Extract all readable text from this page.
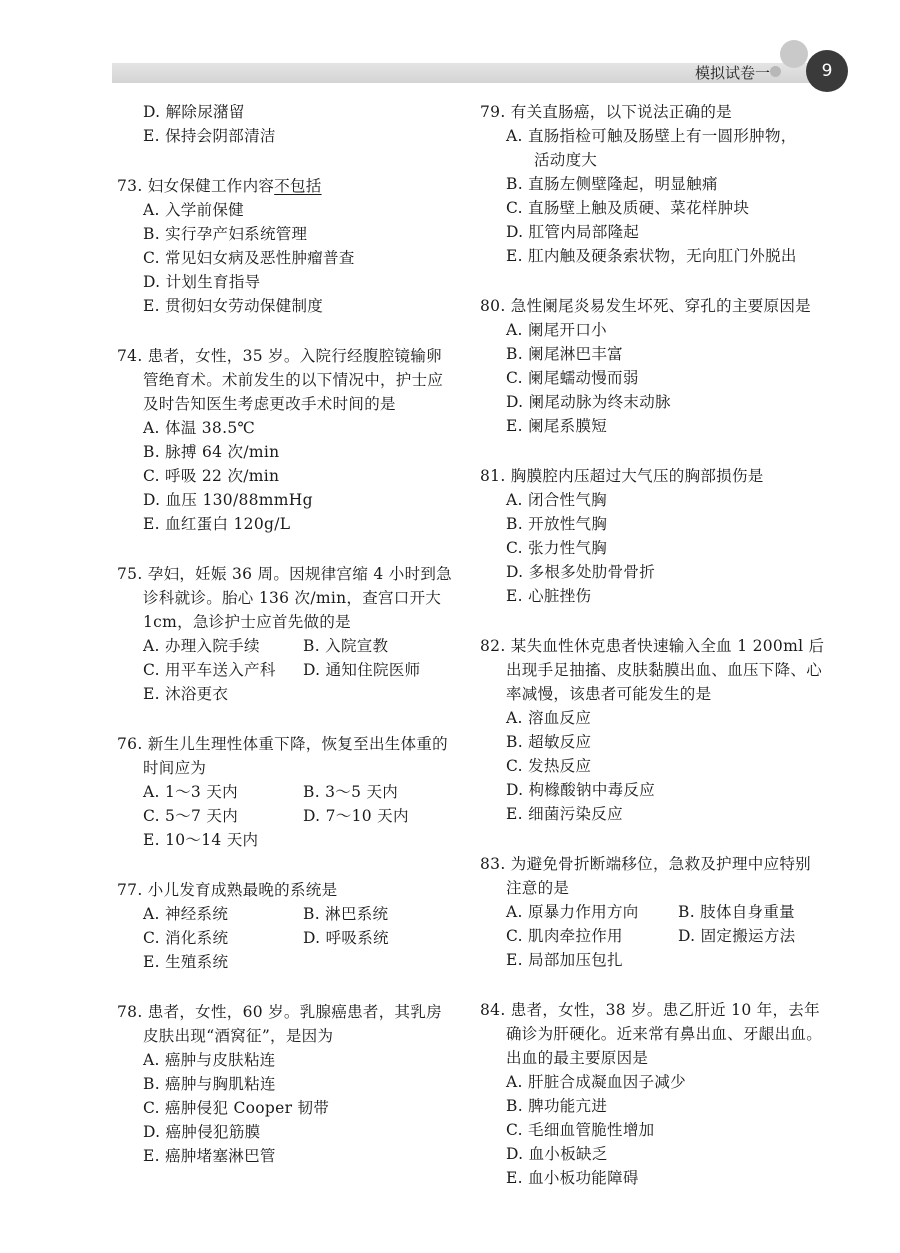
模拟试卷一	9
D. 解除尿潴留
E. 保持会阴部清洁
73. 妇女保健工作内容不包括
A. 入学前保健
B. 实行孕产妇系统管理
C. 常见妇女病及恶性肿瘤普查
D. 计划生育指导
E. 贯彻妇女劳动保健制度
74. 患者，女性，35 岁。入院行经腹腔镜输卵管绝育术。术前发生的以下情况中，护士应及时告知医生考虑更改手术时间的是
A. 体温 38.5℃
B. 脉搏 64 次/min
C. 呼吸 22 次/min
D. 血压 130/88mmHg
E. 血红蛋白 120g/L
75. 孕妇，妊娠 36 周。因规律宫缩 4 小时到急诊科就诊。胎心 136 次/min，查宫口开大 1cm，急诊护士应首先做的是
A. 办理入院手续	B. 入院宣教
C. 用平车送入产科	D. 通知住院医师
E. 沐浴更衣
76. 新生儿生理性体重下降，恢复至出生体重的时间应为
A. 1～3 天内	B. 3～5 天内
C. 5～7 天内	D. 7～10 天内
E. 10～14 天内
77. 小儿发育成熟最晚的系统是
A. 神经系统	B. 淋巴系统
C. 消化系统	D. 呼吸系统
E. 生殖系统
78. 患者，女性，60 岁。乳腺癌患者，其乳房皮肤出现“酒窝征”，是因为
A. 癌肿与皮肤粘连
B. 癌肿与胸肌粘连
C. 癌肿侵犯 Cooper 韧带
D. 癌肿侵犯筋膜
E. 癌肿堵塞淋巴管
79. 有关直肠癌，以下说法正确的是
A. 直肠指检可触及肠壁上有一圆形肿物，
活动度大
B. 直肠左侧壁隆起，明显触痛
C. 直肠壁上触及质硬、菜花样肿块
D. 肛管内局部隆起
E. 肛内触及硬条索状物，无向肛门外脱出
80. 急性阑尾炎易发生坏死、穿孔的主要原因是
A. 阑尾开口小
B. 阑尾淋巴丰富
C. 阑尾蠕动慢而弱
D. 阑尾动脉为终末动脉
E. 阑尾系膜短
81. 胸膜腔内压超过大气压的胸部损伤是
A. 闭合性气胸
B. 开放性气胸
C. 张力性气胸
D. 多根多处肋骨骨折
E. 心脏挫伤
82. 某失血性休克患者快速输入全血 1 200ml 后出现手足抽搐、皮肤黏膜出血、血压下降、心率减慢，该患者可能发生的是
A. 溶血反应
B. 超敏反应
C. 发热反应
D. 枸橼酸钠中毒反应
E. 细菌污染反应
83. 为避免骨折断端移位，急救及护理中应特别注意的是
A. 原暴力作用方向	B. 肢体自身重量
C. 肌肉牵拉作用	D. 固定搬运方法
E. 局部加压包扎
84. 患者，女性，38 岁。患乙肝近 10 年，去年确诊为肝硬化。近来常有鼻出血、牙龈出血。出血的最主要原因是
A. 肝脏合成凝血因子减少
B. 脾功能亢进
C. 毛细血管脆性增加
D. 血小板缺乏
E. 血小板功能障碍
